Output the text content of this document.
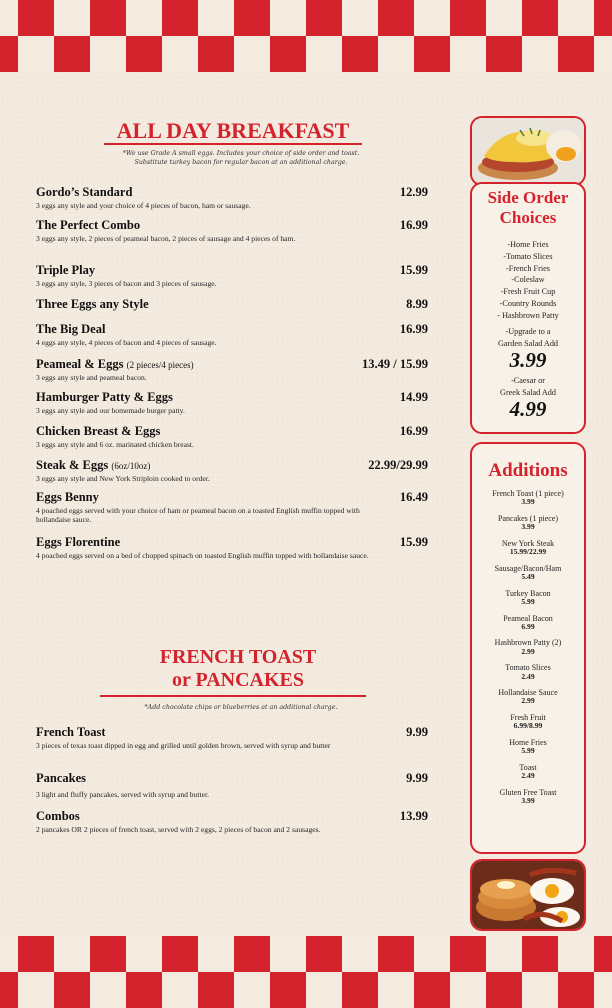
ALL DAY BREAKFAST
*We use Grade A small eggs. Includes your choice of side order and toast.
Substitute turkey bacon for regular bacon at an additional charge.
Gordo’s Standard	12.99
3 eggs any style and your choice of 4 pieces of bacon, ham or sausage.
The Perfect Combo	16.99
3 eggs any style, 2 pieces of peameal bacon, 2 pieces of sausage and 4 pieces of ham.
Triple Play	15.99
3 eggs any style, 3 pieces of bacon and 3 pieces of sausage.
Three Eggs any Style	8.99
The Big Deal	16.99
4 eggs any style, 4 pieces of bacon and 4 pieces of sausage.
Peameal & Eggs (2 pieces/4 pieces)	13.49 / 15.99
3 eggs any style and peameal bacon.
Hamburger Patty & Eggs	14.99
3 eggs any style and our homemade burger patty.
Chicken Breast & Eggs	16.99
3 eggs any style and 6 oz. marinated chicken breast.
Steak & Eggs (6oz/10oz)	22.99/29.99
3 eggs any style and New York Striploin cooked to order.
Eggs Benny	16.49
4 poached eggs served with your choice of ham or peameal bacon on a toasted English muffin topped with hollandaise sauce.
Eggs Florentine	15.99
4 poached eggs served on a bed of chopped spinach on toasted English muffin topped with hollandaise sauce.
FRENCH TOAST
or PANCAKES
*Add chocolate chips or blueberries at an additional charge.
French Toast	9.99
3 pieces of texas toast dipped in egg and grilled until golden brown, served with syrup and butter
Pancakes	9.99
3 light and fluffy pancakes, served with syrup and butter.
Combos	13.99
2 pancakes OR 2 pieces of french toast, served with 2 eggs, 2 pieces of bacon and 2 sausages.
Side Order
Choices
-Home Fries
-Tomato Slices
-French Fries
-Coleslaw
-Fresh Fruit Cup
-Country Rounds
- Hashbrown Patty
-Upgrade to a
Garden Salad Add
3.99
-Caesar or
Greek Salad Add
4.99
Additions
French Toast (1 piece)
3.99
Pancakes (1 piece)
3.99
New York Steak
15.99/22.99
Sausage/Bacon/Ham
5.49
Turkey Bacon
5.99
Peameal Bacon
6.99
Hashbrown Patty (2)
2.99
Tomato Slices
2.49
Hollandaise Sauce
2.99
Fresh Fruit
6.99/8.99
Home Fries
5.99
Toast
2.49
Gluten Free Toast
3.99
